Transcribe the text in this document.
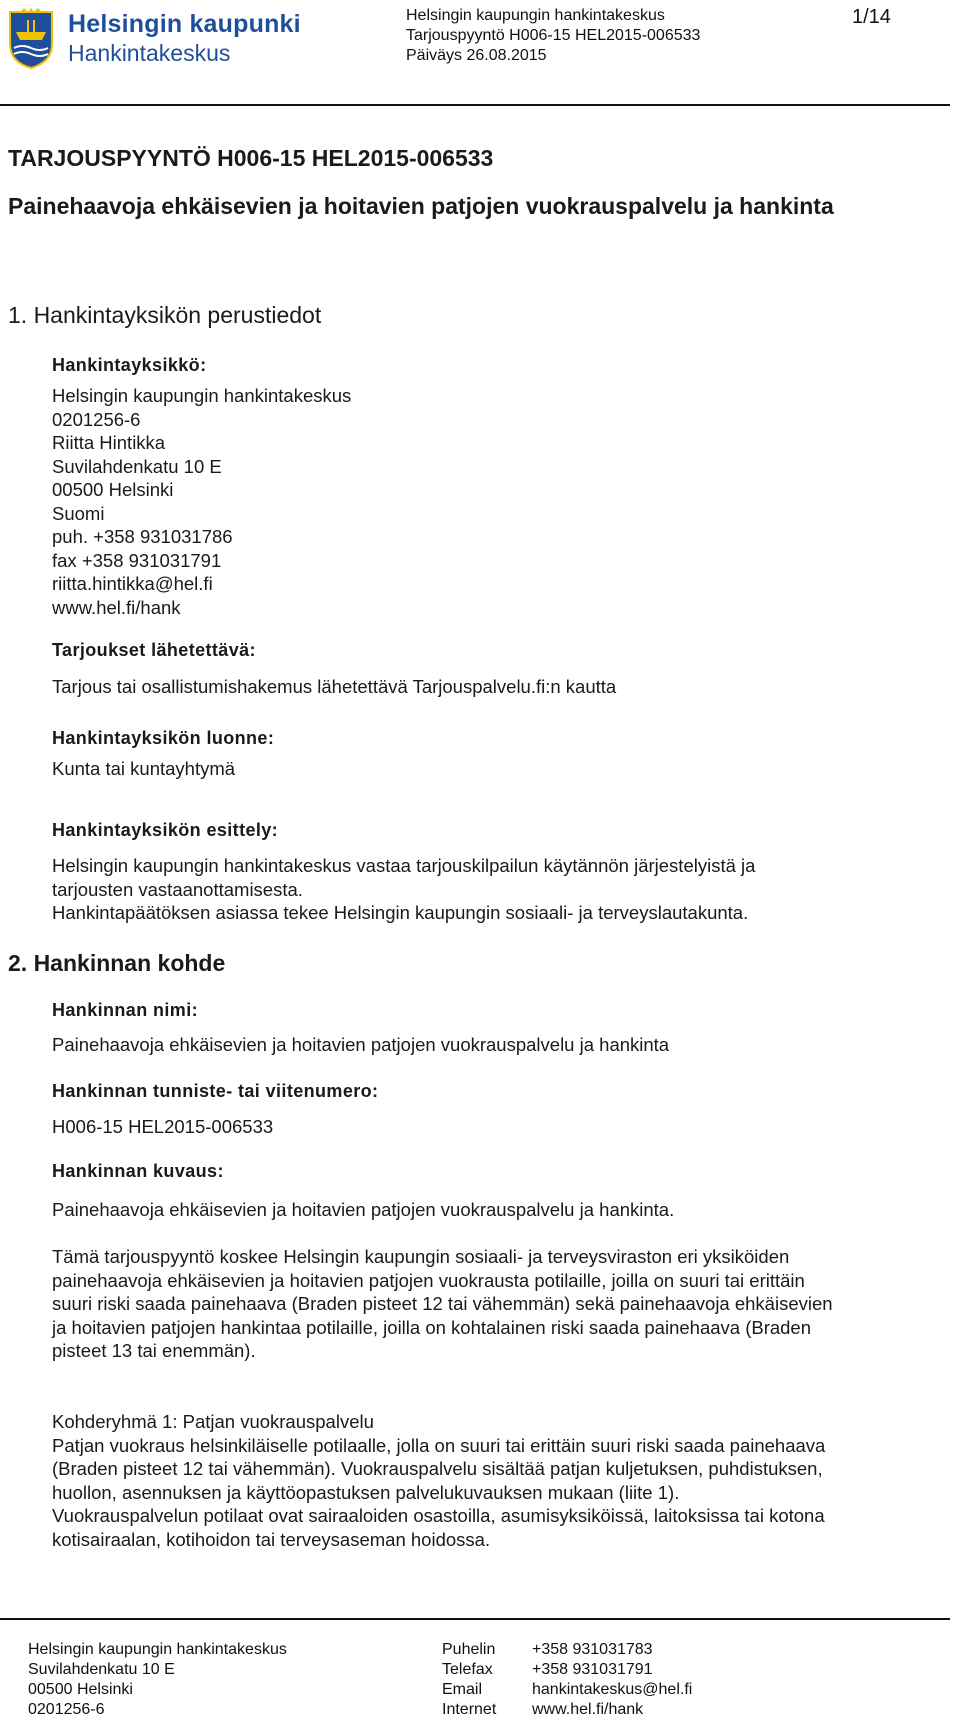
Helsingin kaupunki
Hankintakeskus
Helsingin kaupungin hankintakeskus
Tarjouspyyntö H006-15 HEL2015-006533
Päiväys 26.08.2015
1/14
TARJOUSPYYNTÖ H006-15 HEL2015-006533
Painehaavoja ehkäisevien ja hoitavien patjojen vuokrauspalvelu ja hankinta
1. Hankintayksikön perustiedot
Hankintayksikkö:
Helsingin kaupungin hankintakeskus
0201256-6
Riitta Hintikka
Suvilahdenkatu 10 E
00500 Helsinki
Suomi
puh. +358 931031786
fax +358 931031791
riitta.hintikka@hel.fi
www.hel.fi/hank
Tarjoukset lähetettävä:
Tarjous tai osallistumishakemus lähetettävä Tarjouspalvelu.fi:n kautta
Hankintayksikön luonne:
Kunta tai kuntayhtymä
Hankintayksikön esittely:
Helsingin kaupungin hankintakeskus vastaa tarjouskilpailun käytännön järjestelyistä ja
tarjousten vastaanottamisesta.
Hankintapäätöksen asiassa tekee Helsingin kaupungin sosiaali- ja terveyslautakunta.
2. Hankinnan kohde
Hankinnan nimi:
Painehaavoja ehkäisevien ja hoitavien patjojen vuokrauspalvelu ja hankinta
Hankinnan tunniste- tai viitenumero:
H006-15 HEL2015-006533
Hankinnan kuvaus:
Painehaavoja ehkäisevien ja hoitavien patjojen vuokrauspalvelu ja hankinta.
Tämä tarjouspyyntö koskee Helsingin kaupungin sosiaali- ja terveysviraston eri yksiköiden
painehaavoja ehkäisevien ja hoitavien patjojen vuokrausta potilaille, joilla on suuri tai erittäin
suuri riski saada painehaava (Braden pisteet 12 tai vähemmän) sekä painehaavoja ehkäisevien
ja hoitavien patjojen hankintaa potilaille, joilla on kohtalainen riski saada painehaava (Braden
pisteet 13 tai enemmän).
Kohderyhmä 1: Patjan vuokrauspalvelu
Patjan vuokraus helsinkiläiselle potilaalle, jolla on suuri tai erittäin suuri riski saada painehaava
(Braden pisteet 12 tai vähemmän). Vuokrauspalvelu sisältää patjan kuljetuksen, puhdistuksen,
huollon, asennuksen ja käyttöopastuksen palvelukuvauksen mukaan (liite 1).
Vuokrauspalvelun potilaat ovat sairaaloiden osastoilla, asumisyksiköissä, laitoksissa tai kotona
kotisairaalan, kotihoidon tai terveysaseman hoidossa.
Helsingin kaupungin hankintakeskus
Suvilahdenkatu 10 E
00500 Helsinki
0201256-6
Puhelin
Telefax
Email
Internet
+358 931031783
+358 931031791
hankintakeskus@hel.fi
www.hel.fi/hank
